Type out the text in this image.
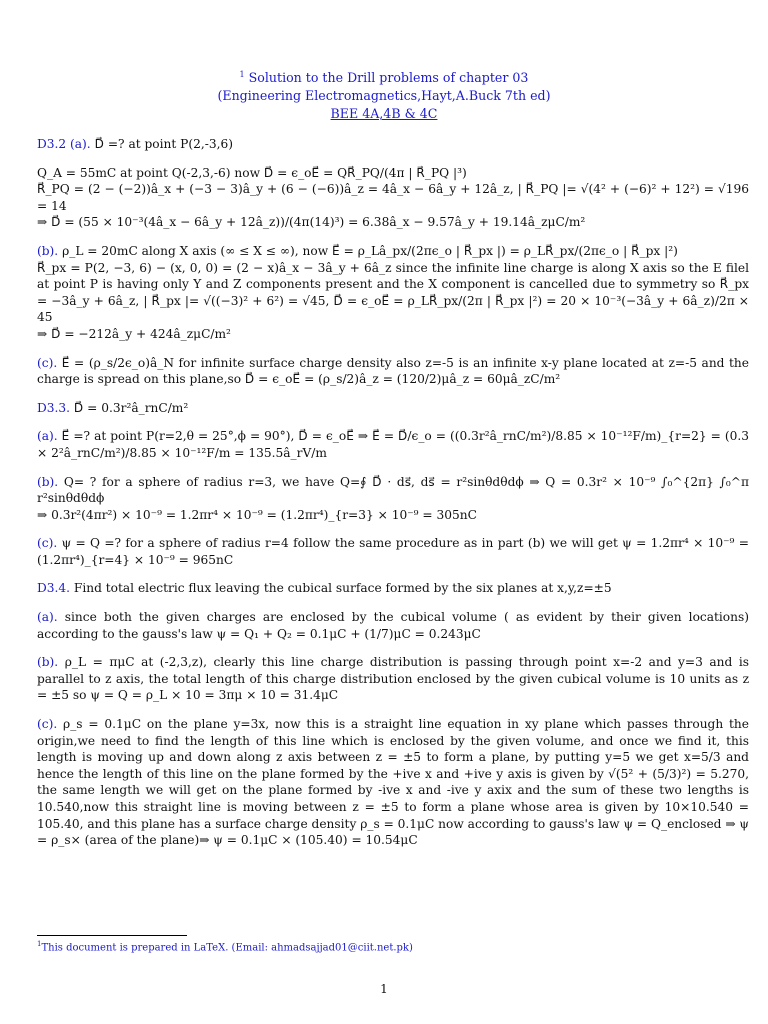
$^1$ Solution to the Drill problems of chapter 03
(Engineering Electromagnetics,Hayt,A.Buck 7th ed)
BEE 4A,4B & 4C
D3.2 (a). D⃗ =? at point P(2,-3,6)
Q_A = 55mC at point Q(-2,3,-6) now D⃗ = ϵ_oE⃗ = QR⃗_PQ/(4π | R⃗_PQ |³)
R⃗_PQ = (2 − (−2))â_x + (−3 − 3)â_y + (6 − (−6))â_z = 4â_x − 6â_y + 12â_z, | R⃗_PQ |= √(4² + (−6)² + 12²) = √196 = 14
⇒ D⃗ = (55 × 10⁻³(4â_x − 6â_y + 12â_z))/(4π(14)³) = 6.38â_x − 9.57â_y + 19.14â_zμC/m²
(b). ρ_L = 20mC along X axis (∞ ≤ X ≤ ∞), now E⃗ = ρ_Lâ_px/(2πϵ_o | R⃗_px |) = ρ_LR⃗_px/(2πϵ_o | R⃗_px |²)
R⃗_px = P(2, −3, 6) − (x, 0, 0) = (2 − x)â_x − 3â_y + 6â_z since the infinite line charge is along X axis so the E filel at point P is having only Y and Z components present and the X component is cancelled due to symmetry so R⃗_px = −3â_y + 6â_z, | R⃗_px |= √((−3)² + 6²) = √45, D⃗ = ϵ_oE⃗ = ρ_LR⃗_px/(2π | R⃗_px |²) = 20 × 10⁻³(−3â_y + 6â_z)/2π × 45
⇒ D⃗ = −212â_y + 424â_zμC/m²
(c). E⃗ = (ρ_s/2ϵ_o)â_N for infinite surface charge density also z=-5 is an infinite x-y plane located at z=-5 and the charge is spread on this plane,so D⃗ = ϵ_oE⃗ = (ρ_s/2)â_z = (120/2)μâ_z = 60μâ_zC/m²
D3.3. D⃗ = 0.3r²â_rnC/m²
(a). E⃗ =? at point P(r=2,θ = 25°,ϕ = 90°), D⃗ = ϵ_oE⃗ ⇒ E⃗ = D⃗/ϵ_o = ((0.3r²â_rnC/m²)/8.85 × 10⁻¹²F/m)_{r=2} = (0.3 × 2²â_rnC/m²)/8.85 × 10⁻¹²F/m = 135.5â_rV/m
(b). Q= ? for a sphere of radius r=3, we have Q=∮ D⃗ · ds⃗, ds⃗ = r²sinθdθdϕ ⇒ Q = 0.3r² × 10⁻⁹ ∫₀^{2π} ∫₀^π r²sinθdθdϕ
⇒ 0.3r²(4πr²) × 10⁻⁹ = 1.2πr⁴ × 10⁻⁹ = (1.2πr⁴)_{r=3} × 10⁻⁹ = 305nC
(c). ψ = Q =? for a sphere of radius r=4 follow the same procedure as in part (b) we will get ψ = 1.2πr⁴ × 10⁻⁹ = (1.2πr⁴)_{r=4} × 10⁻⁹ = 965nC
D3.4. Find total electric flux leaving the cubical surface formed by the six planes at x,y,z=±5
(a). since both the given charges are enclosed by the cubical volume ( as evident by their given locations) according to the gauss's law ψ = Q₁ + Q₂ = 0.1μC + (1/7)μC = 0.243μC
(b). ρ_L = πμC at (-2,3,z), clearly this line charge distribution is passing through point x=-2 and y=3 and is parallel to z axis, the total length of this charge distribution enclosed by the given cubical volume is 10 units as z = ±5 so ψ = Q = ρ_L × 10 = 3πμ × 10 = 31.4μC
(c). ρ_s = 0.1μC on the plane y=3x, now this is a straight line equation in xy plane which passes through the origin,we need to find the length of this line which is enclosed by the given volume, and once we find it, this length is moving up and down along z axis between z = ±5 to form a plane, by putting y=5 we get x=5/3 and hence the length of this line on the plane formed by the +ive x and +ive y axis is given by √(5² + (5/3)²) = 5.270, the same length we will get on the plane formed by -ive x and -ive y axix and the sum of these two lengths is 10.540,now this straight line is moving between z = ±5 to form a plane whose area is given by 10×10.540 = 105.40, and this plane has a surface charge density ρ_s = 0.1μC now according to gauss's law ψ = Q_enclosed ⇒ ψ = ρ_s× (area of the plane)⇒ ψ = 0.1μC × (105.40) = 10.54μC
$^1$This document is prepared in LaTeX. (Email: ahmadsajjad01@ciit.net.pk)
1
